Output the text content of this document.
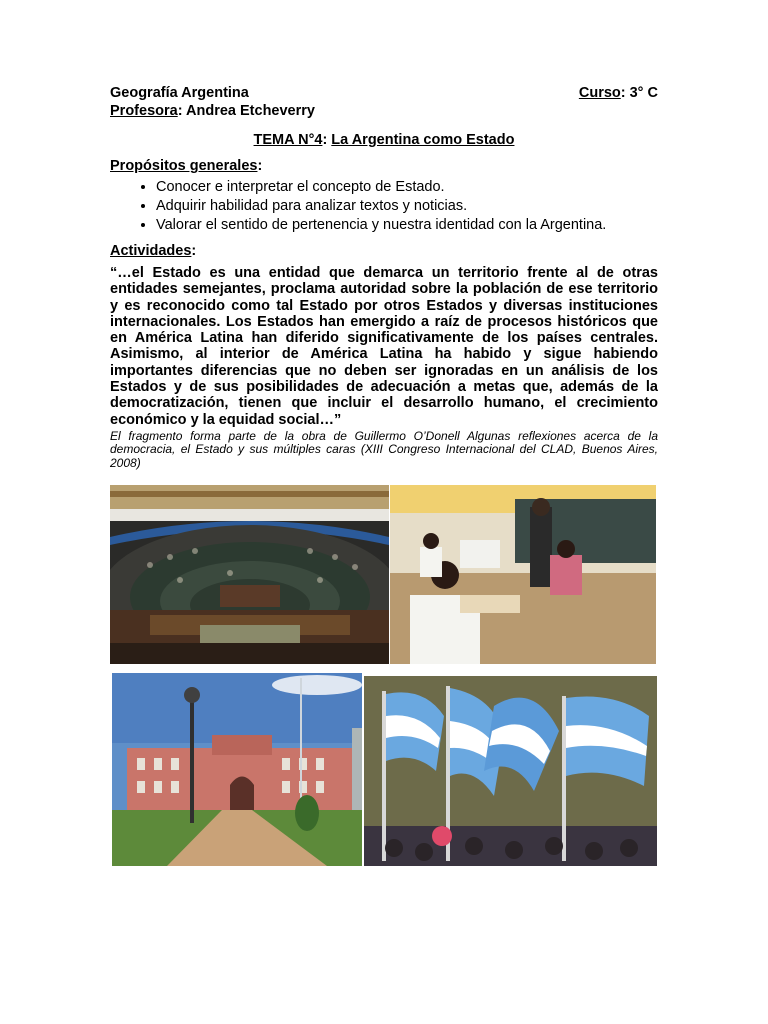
Geografía Argentina	Curso: 3° C
Profesora: Andrea Etcheverry
TEMA N°4: La Argentina como Estado
Propósitos generales:
• Conocer e interpretar el concepto de Estado.
• Adquirir habilidad para analizar textos y noticias.
• Valorar el sentido de pertenencia y nuestra identidad con la Argentina.
Actividades:
“…el Estado es una entidad que demarca un territorio frente al de otras entidades semejantes, proclama autoridad sobre la población de ese territorio y es reconocido como tal Estado por otros Estados y diversas instituciones internacionales. Los Estados han emergido a raíz de procesos históricos que en América Latina han diferido significativamente de los países centrales. Asimismo, al interior de América Latina ha habido y sigue habiendo importantes diferencias que no deben ser ignoradas en un análisis de los Estados y de sus posibilidades de adecuación a metas que, además de la democratización, tienen que incluir el desarrollo humano, el crecimiento económico y la equidad social…”
El fragmento forma parte de la obra de Guillermo O’Donell Algunas reflexiones acerca de la democracia, el Estado y sus múltiples caras (XIII Congreso Internacional del CLAD, Buenos Aires, 2008)
